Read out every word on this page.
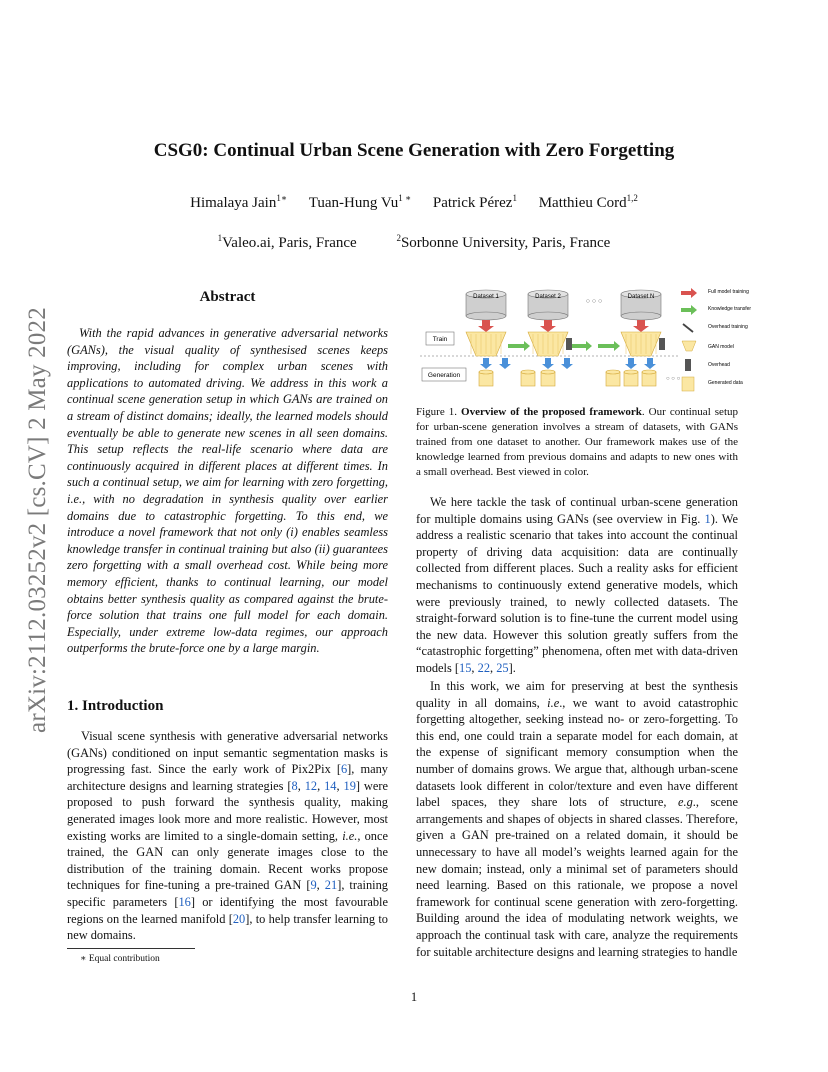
arXiv:2112.03252v2 [cs.CV] 2 May 2022
CSG0: Continual Urban Scene Generation with Zero Forgetting
Himalaya Jain$^{1∗}$ Tuan-Hung $Vu^{1 ∗}$ Patrick Pérez$^1$ Matthieu Cord$^{1,2}$
$^1$Valeo.ai, Paris, France	$^2$Sorbonne University, Paris, France
Abstract
With the rapid advances in generative adversarial networks (GANs), the visual quality of synthesised scenes keeps improving, including for complex urban scenes with applications to automated driving. We address in this work a continual scene generation setup in which GANs are trained on a stream of distinct domains; ideally, the learned models should eventually be able to generate new scenes in all seen domains. This setup reflects the real-life scenario where data are continuously acquired in different places at different times. In such a continual setup, we aim for learning with zero forgetting, i.e., with no degradation in synthesis quality over earlier domains due to catastrophic forgetting. To this end, we introduce a novel framework that not only (i) enables seamless knowledge transfer in continual training but also (ii) guarantees zero forgetting with a small overhead cost. While being more memory efficient, thanks to continual learning, our model obtains better synthesis quality as compared against the brute-force solution that trains one full model for each domain. Especially, under extreme low-data regimes, our approach outperforms the brute-force one by a large margin.
1. Introduction
Visual scene synthesis with generative adversarial networks (GANs) conditioned on input semantic segmentation masks is progressing fast. Since the early work of Pix2Pix [6], many architecture designs and learning strategies [8, 12, 14, 19] were proposed to push forward the synthesis quality, making generated images look more and more realistic. However, most existing works are limited to a single-domain setting, i.e., once trained, the GAN can only generate images close to the distribution of the training domain. Recent works propose techniques for fine-tuning a pre-trained GAN [9, 21], training specific parameters [16] or identifying the most favourable regions on the learned manifold [20], to help transfer learning to new domains.
∗ Equal contribution
Dataset 1	Dataset 2
○ ○ ○
Dataset N
Train
Generation	○ ○ ○
Full model training
Knowledge transfer
Overhead training
GAN model
Overhead
Generated data
Figure 1. Overview of the proposed framework. Our continual setup for urban-scene generation involves a stream of datasets, with GANs trained from one dataset to another. Our framework makes use of the knowledge learned from previous domains and adapts to new ones with a small overhead. Best viewed in color.
We here tackle the task of continual urban-scene generation for multiple domains using GANs (see overview in Fig. 1). We address a realistic scenario that takes into account the continual property of driving data acquisition: data are continually collected from different places. Such a reality asks for efficient mechanisms to continuously extend generative models, which were previously trained, to newly collected datasets. The straight-forward solution is to fine-tune the current model using the new data. However this solution greatly suffers from the “catastrophic forgetting” phenomena, often met with data-driven models [15, 22, 25].
In this work, we aim for preserving at best the synthesis quality in all domains, i.e., we want to avoid catastrophic forgetting altogether, seeking instead no- or zero-forgetting. To this end, one could train a separate model for each domain, at the expense of significant memory consumption when the number of domains grows. We argue that, although urban-scene datasets look different in color/texture and even have different label spaces, they share lots of structure, e.g., scene arrangements and shapes of objects in shared classes. Therefore, given a GAN pre-trained on a related domain, it should be unnecessary to have all model’s weights learned again for the new domain; instead, only a minimal set of parameters should need learning. Based on this rationale, we propose a novel framework for continual scene generation with zero-forgetting. Building around the idea of modulating network weights, we approach the continual task with care, analyze the requirements for suitable architecture designs and learning strategies to handle
1
